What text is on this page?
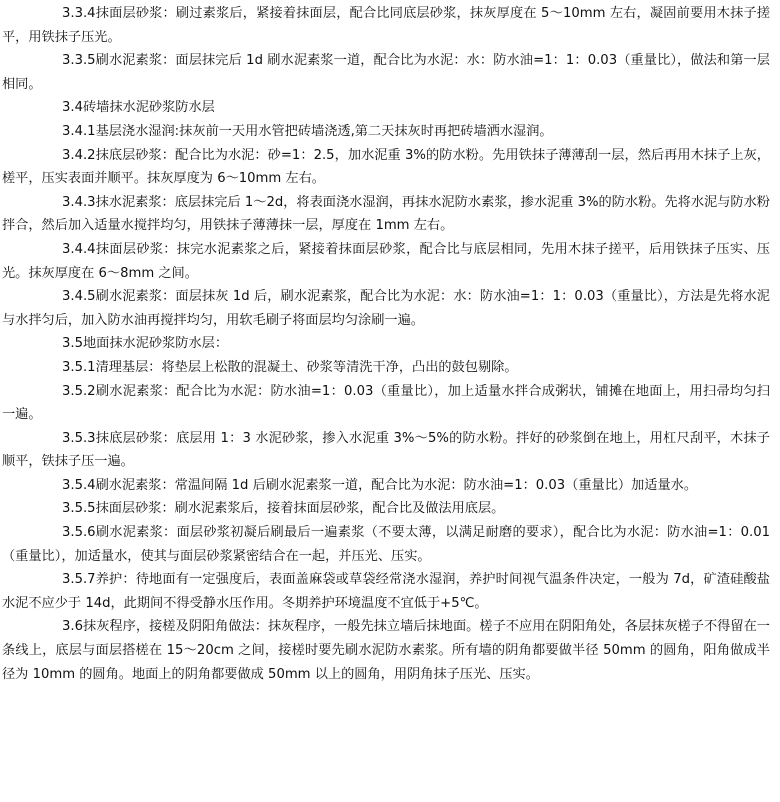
3.3.4抹面层砂浆：刷过素浆后，紧接着抹面层，配合比同底层砂浆，抹灰厚度在 5～10mm 左右，凝固前要用木抹子搓平，用铁抹子压光。

3.3.5刷水泥素浆：面层抹完后 1d 刷水泥素浆一道，配合比为水泥：水：防水油=1：1：0.03（重量比），做法和第一层相同。

3.4砖墙抹水泥砂浆防水层

3.4.1基层浇水湿润:抹灰前一天用水管把砖墙浇透,第二天抹灰时再把砖墙洒水湿润。

3.4.2抹底层砂浆：配合比为水泥：砂=1：2.5，加水泥重 3%的防水粉。先用铁抹子薄薄刮一层，然后再用木抹子上灰，槎平，压实表面并顺平。抹灰厚度为 6～10mm 左右。

3.4.3抹水泥素浆：底层抹完后 1～2d，将表面浇水湿润，再抹水泥防水素浆，掺水泥重 3%的防水粉。先将水泥与防水粉拌合，然后加入适量水搅拌均匀，用铁抹子薄薄抹一层，厚度在 1mm 左右。

3.4.4抹面层砂浆：抹完水泥素浆之后，紧接着抹面层砂浆，配合比与底层相同，先用木抹子搓平，后用铁抹子压实、压光。抹灰厚度在 6～8mm 之间。

3.4.5刷水泥素浆：面层抹灰 1d 后，刷水泥素浆，配合比为水泥：水：防水油=1：1：0.03（重量比），方法是先将水泥与水拌匀后，加入防水油再搅拌均匀，用软毛刷子将面层均匀涂刷一遍。

3.5地面抹水泥砂浆防水层：

3.5.1清理基层：将垫层上松散的混凝土、砂浆等清洗干净，凸出的鼓包剔除。

3.5.2刷水泥素浆：配合比为水泥：防水油=1：0.03（重量比），加上适量水拌合成粥状，铺摊在地面上，用扫帚均匀扫一遍。

3.5.3抹底层砂浆：底层用 1：3 水泥砂浆，掺入水泥重 3%～5%的防水粉。拌好的砂浆倒在地上，用杠尺刮平，木抹子顺平，铁抹子压一遍。

3.5.4刷水泥素浆：常温间隔 1d 后刷水泥素浆一道，配合比为水泥：防水油=1：0.03（重量比）加适量水。

3.5.5抹面层砂浆：刷水泥素浆后，接着抹面层砂浆，配合比及做法用底层。

3.5.6刷水泥素浆：面层砂浆初凝后刷最后一遍素浆（不要太薄，以满足耐磨的要求），配合比为水泥：防水油=1：0.01（重量比），加适量水，使其与面层砂浆紧密结合在一起，并压光、压实。

3.5.7养护：待地面有一定强度后，表面盖麻袋或草袋经常浇水湿润，养护时间视气温条件决定，一般为 7d，矿渣硅酸盐水泥不应少于 14d，此期间不得受静水压作用。冬期养护环境温度不宜低于+5℃。

3.6抹灰程序，接槎及阴阳角做法：抹灰程序，一般先抹立墙后抹地面。槎子不应用在阴阳角处，各层抹灰槎子不得留在一条线上，底层与面层搭槎在 15～20cm 之间，接槎时要先刷水泥防水素浆。所有墙的阴角都要做半径 50mm 的圆角，阳角做成半径为 10mm 的圆角。地面上的阴角都要做成 50mm 以上的圆角，用阴角抹子压光、压实。
